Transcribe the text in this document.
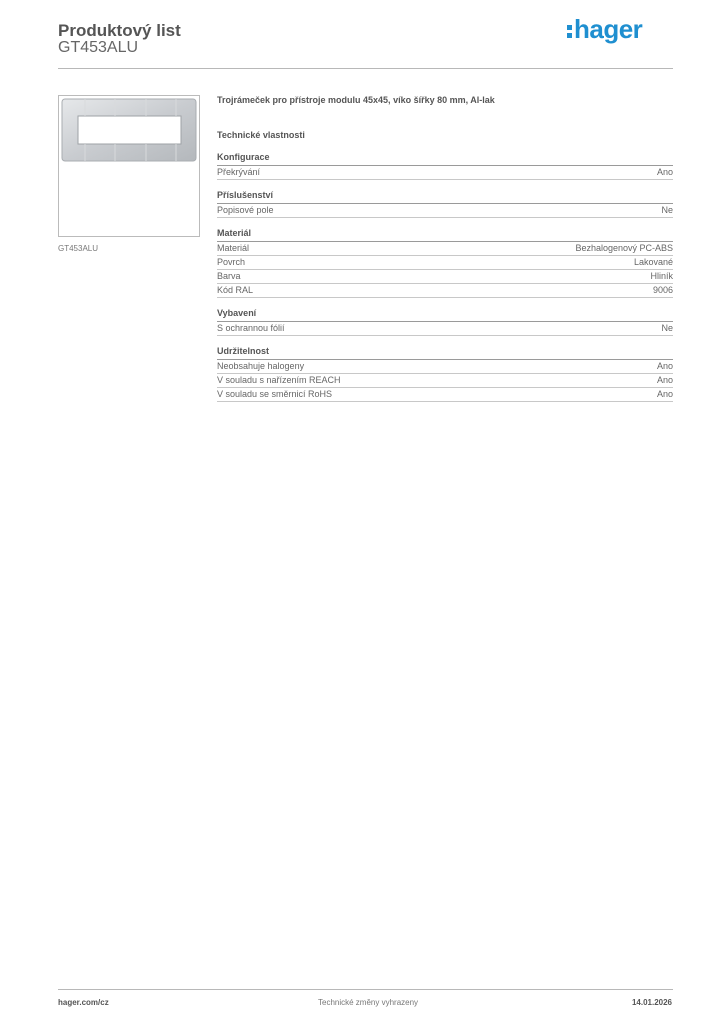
Produktový list
GT453ALU
hager
GT453ALU
Trojrámeček pro přístroje modulu 45x45, víko šířky 80 mm, Al-lak
Technické vlastnosti
Konfigurace
Překrývání	Ano
Příslušenství
Popisové pole	Ne
Materiál
Materiál	Bezhalogenový PC-ABS
Povrch	Lakované
Barva	Hliník
Kód RAL	9006
Vybavení
S ochrannou fólií	Ne
Udržitelnost
Neobsahuje halogeny	Ano
V souladu s nařízením REACH	Ano
V souladu se směrnicí RoHS	Ano
hager.com/cz	Technické změny vyhrazeny	14.01.2026
